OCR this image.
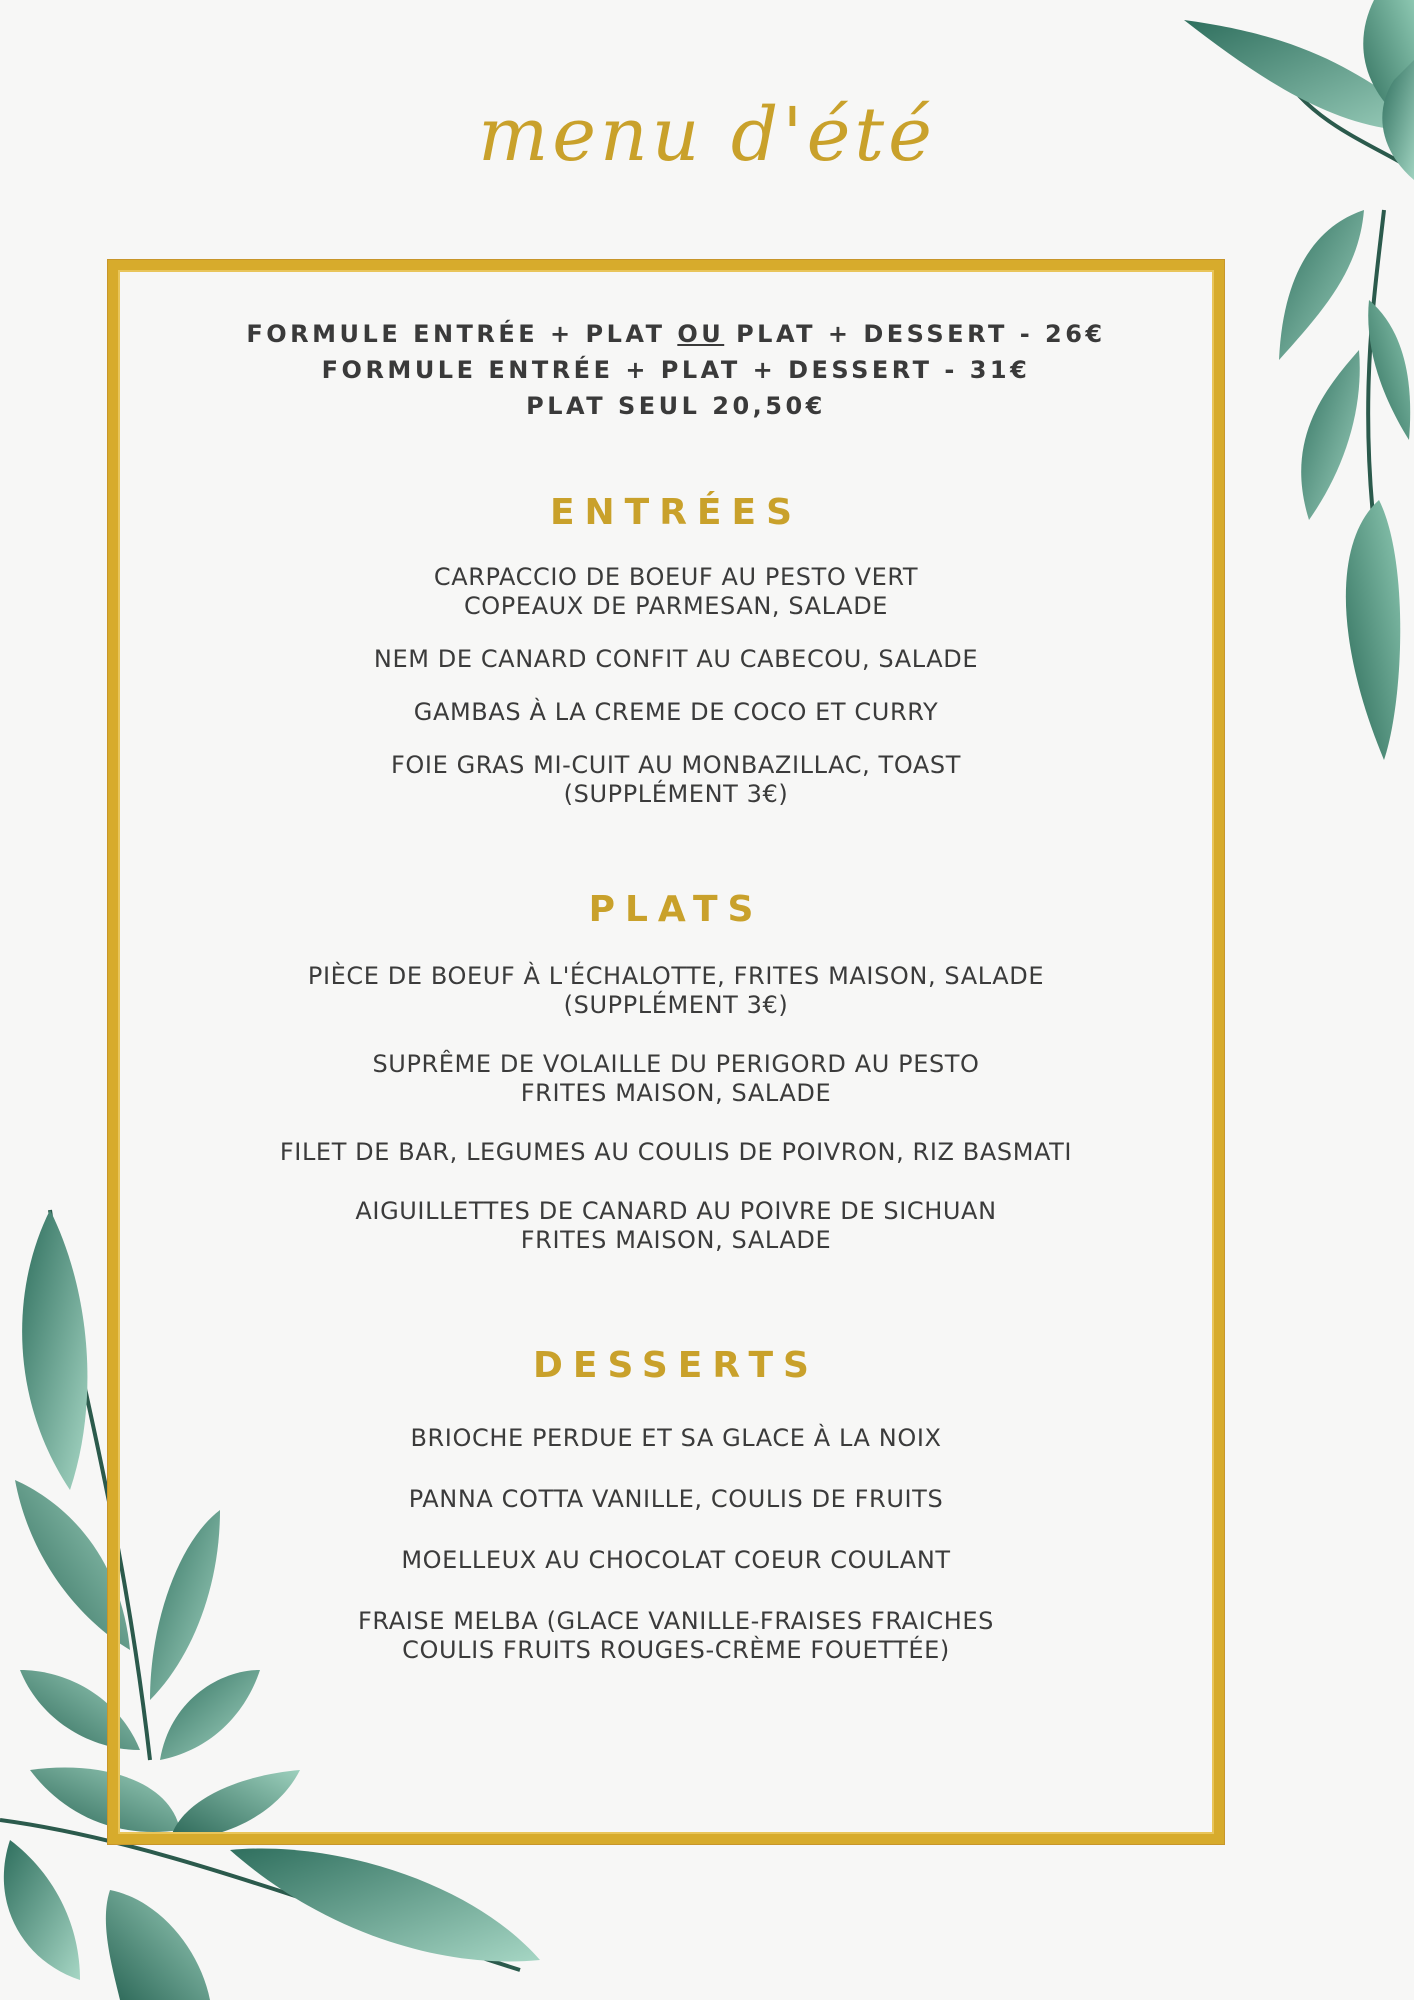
menu d'été
FORMULE ENTRÉE + PLAT OU PLAT + DESSERT - 26€
FORMULE ENTRÉE + PLAT + DESSERT - 31€
PLAT SEUL 20,50€
ENTRÉES
CARPACCIO DE BOEUF AU PESTO VERT
COPEAUX DE PARMESAN, SALADE
NEM DE CANARD CONFIT AU CABECOU, SALADE
GAMBAS À LA CREME DE COCO ET CURRY
FOIE GRAS MI-CUIT AU MONBAZILLAC, TOAST
(SUPPLÉMENT 3€)
PLATS
PIÈCE DE BOEUF À L'ÉCHALOTTE, FRITES MAISON, SALADE
(SUPPLÉMENT 3€)
SUPRÊME DE VOLAILLE DU PERIGORD AU PESTO
FRITES MAISON, SALADE
FILET DE BAR, LEGUMES AU COULIS DE POIVRON, RIZ BASMATI
AIGUILLETTES DE CANARD AU POIVRE DE SICHUAN
FRITES MAISON, SALADE
DESSERTS
BRIOCHE PERDUE ET SA GLACE À LA NOIX
PANNA COTTA VANILLE, COULIS DE FRUITS
MOELLEUX AU CHOCOLAT COEUR COULANT
FRAISE MELBA (GLACE VANILLE-FRAISES FRAICHES
COULIS FRUITS ROUGES-CRÈME FOUETTÉE)
